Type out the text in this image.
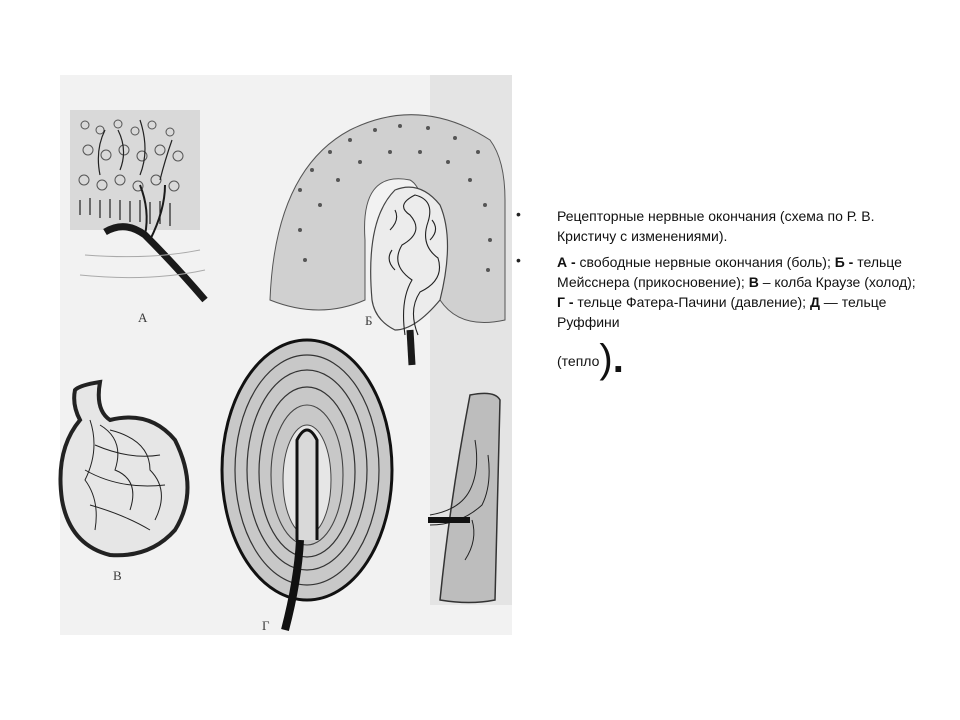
А	Б
В
Г
•	Рецепторные нервные окончания (схема по Р. В. Кристичу с изменениями).
•	А - свободные нервные окончания (боль); Б - тельце Мейсснера (прикосновение); В – колба Краузе (холод); Г - тельце Фатера-Пачини (давление); Д — тельце Руффини
(тепло).
